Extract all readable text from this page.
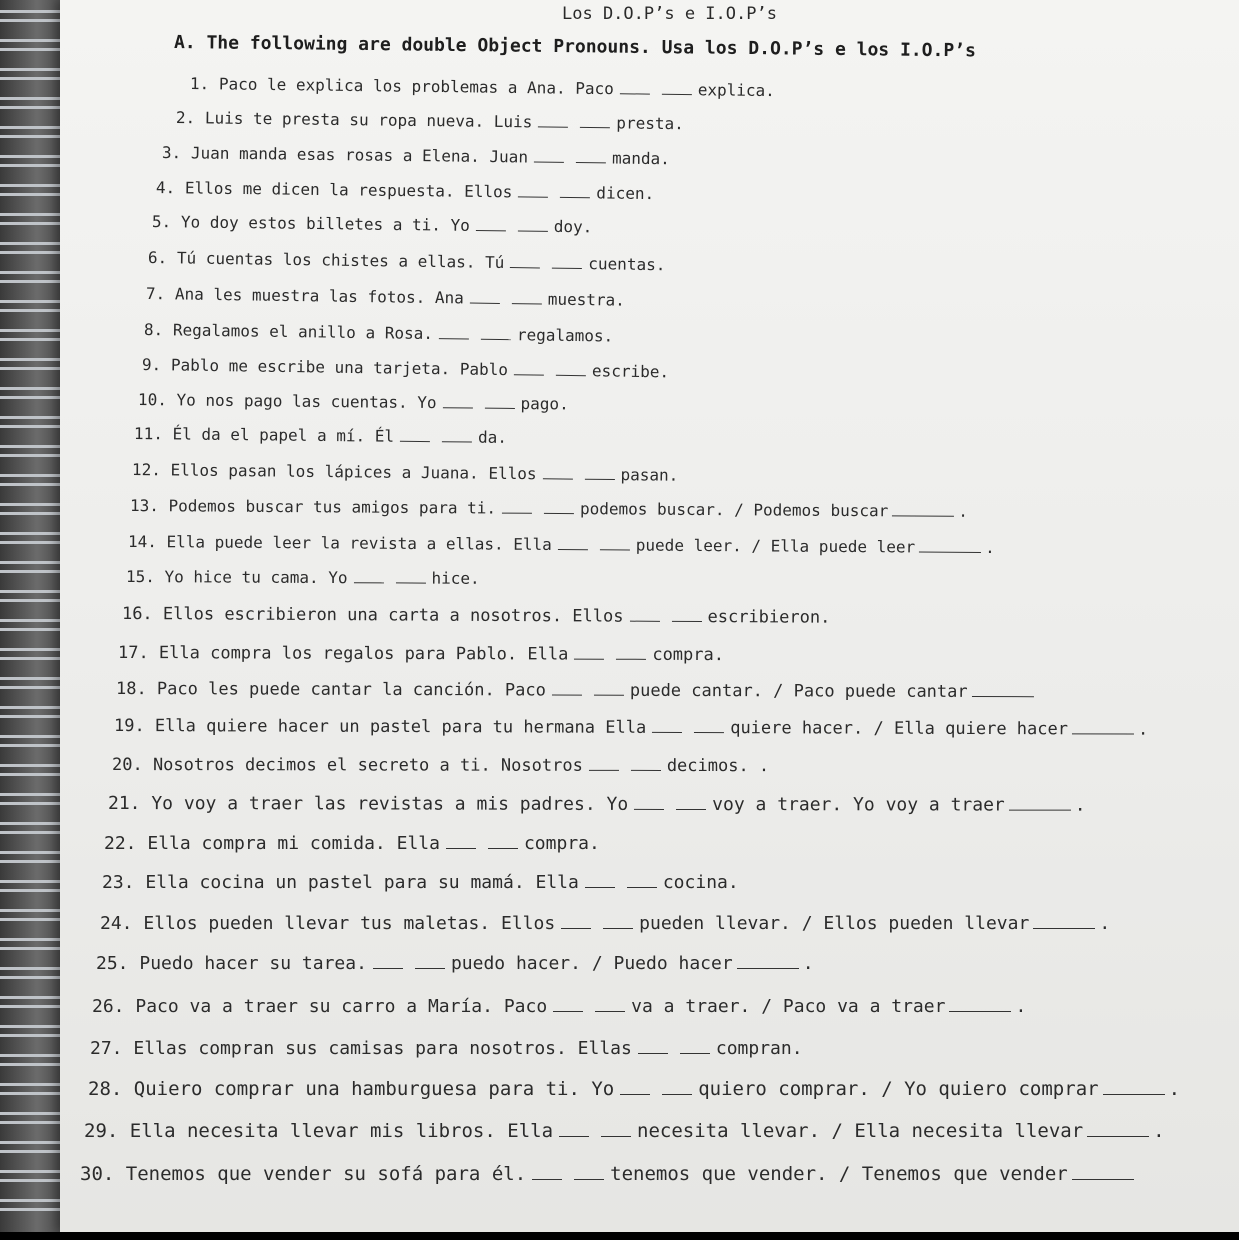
Los D.O.P’s e I.O.P’s
A. The following are double Object Pronouns. Usa los D.O.P’s e los I.O.P’s
1. Paco le explica los problemas a Ana. Paco	explica.
2. Luis te presta su ropa nueva. Luis	presta.
3. Juan manda esas rosas a Elena. Juan	manda.
4. Ellos me dicen la respuesta. Ellos	dicen.
5. Yo doy estos billetes a ti. Yo	doy.
6. Tú cuentas los chistes a ellas. Tú	cuentas.
7. Ana les muestra las fotos. Ana	muestra.
8. Regalamos el anillo a Rosa.	regalamos.
9. Pablo me escribe una tarjeta. Pablo	escribe.
10. Yo nos pago las cuentas. Yo	pago.
11. Él da el papel a mí. Él	da.
12. Ellos pasan los lápices a Juana. Ellos	pasan.
13. Podemos buscar tus amigos para ti.	podemos buscar. / Podemos buscar	.
14. Ella puede leer la revista a ellas. Ella	puede leer. / Ella puede leer	.
15. Yo hice tu cama. Yo	hice.
16. Ellos escribieron una carta a nosotros. Ellos	escribieron.
17. Ella compra los regalos para Pablo. Ella	compra.
18. Paco les puede cantar la canción. Paco	puede cantar. / Paco puede cantar
19. Ella quiere hacer un pastel para tu hermana Ella	quiere hacer. / Ella quiere hacer	.
20. Nosotros decimos el secreto a ti. Nosotros	decimos. .
21. Yo voy a traer las revistas a mis padres. Yo	voy a traer. Yo voy a traer	.
22. Ella compra mi comida. Ella	compra.
23. Ella cocina un pastel para su mamá. Ella	cocina.
24. Ellos pueden llevar tus maletas. Ellos	pueden llevar. / Ellos pueden llevar	.
25. Puedo hacer su tarea.	puedo hacer. / Puedo hacer	.
26. Paco va a traer su carro a María. Paco	va a traer. / Paco va a traer	.
27. Ellas compran sus camisas para nosotros. Ellas	compran.
28. Quiero comprar una hamburguesa para ti. Yo	quiero comprar. / Yo quiero comprar	.
29. Ella necesita llevar mis libros. Ella	necesita llevar. / Ella necesita llevar	.
30. Tenemos que vender su sofá para él.	tenemos que vender. / Tenemos que vender
